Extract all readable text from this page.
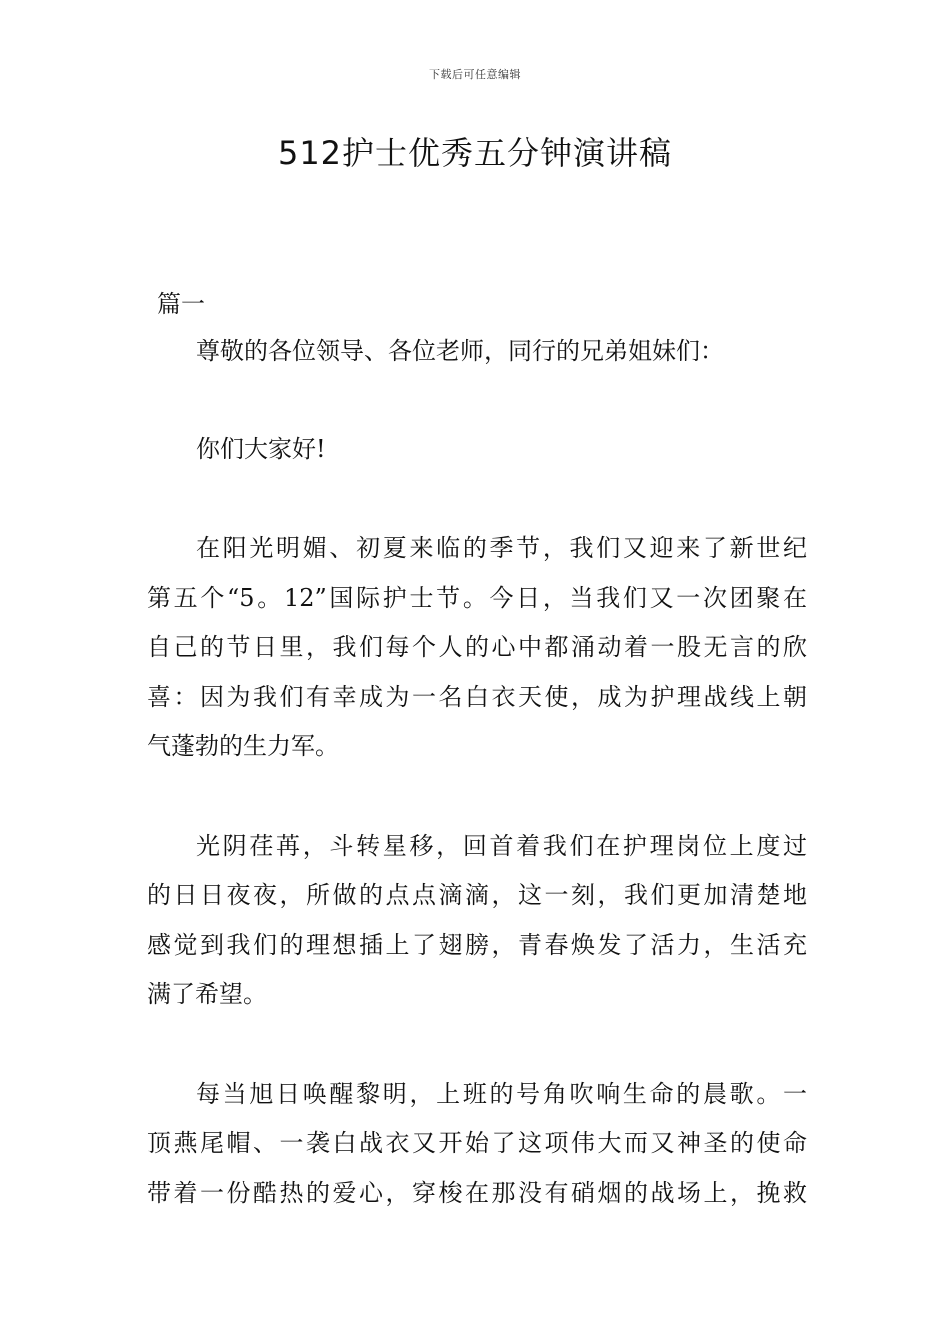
下载后可任意编辑
512护士优秀五分钟演讲稿
篇一
尊敬的各位领导、各位老师，同行的兄弟姐妹们：
你们大家好!
在阳光明媚、初夏来临的季节，我们又迎来了新世纪
第五个“5。12”国际护士节。今日，当我们又一次团聚在
自己的节日里，我们每个人的心中都涌动着一股无言的欣
喜：因为我们有幸成为一名白衣天使，成为护理战线上朝
气蓬勃的生力军。
光阴荏苒，斗转星移，回首着我们在护理岗位上度过
的日日夜夜，所做的点点滴滴，这一刻，我们更加清楚地
感觉到我们的理想插上了翅膀，青春焕发了活力，生活充
满了希望。
每当旭日唤醒黎明，上班的号角吹响生命的晨歌。一
顶燕尾帽、一袭白战衣又开始了这项伟大而又神圣的使命
带着一份酷热的爱心，穿梭在那没有硝烟的战场上，挽救
